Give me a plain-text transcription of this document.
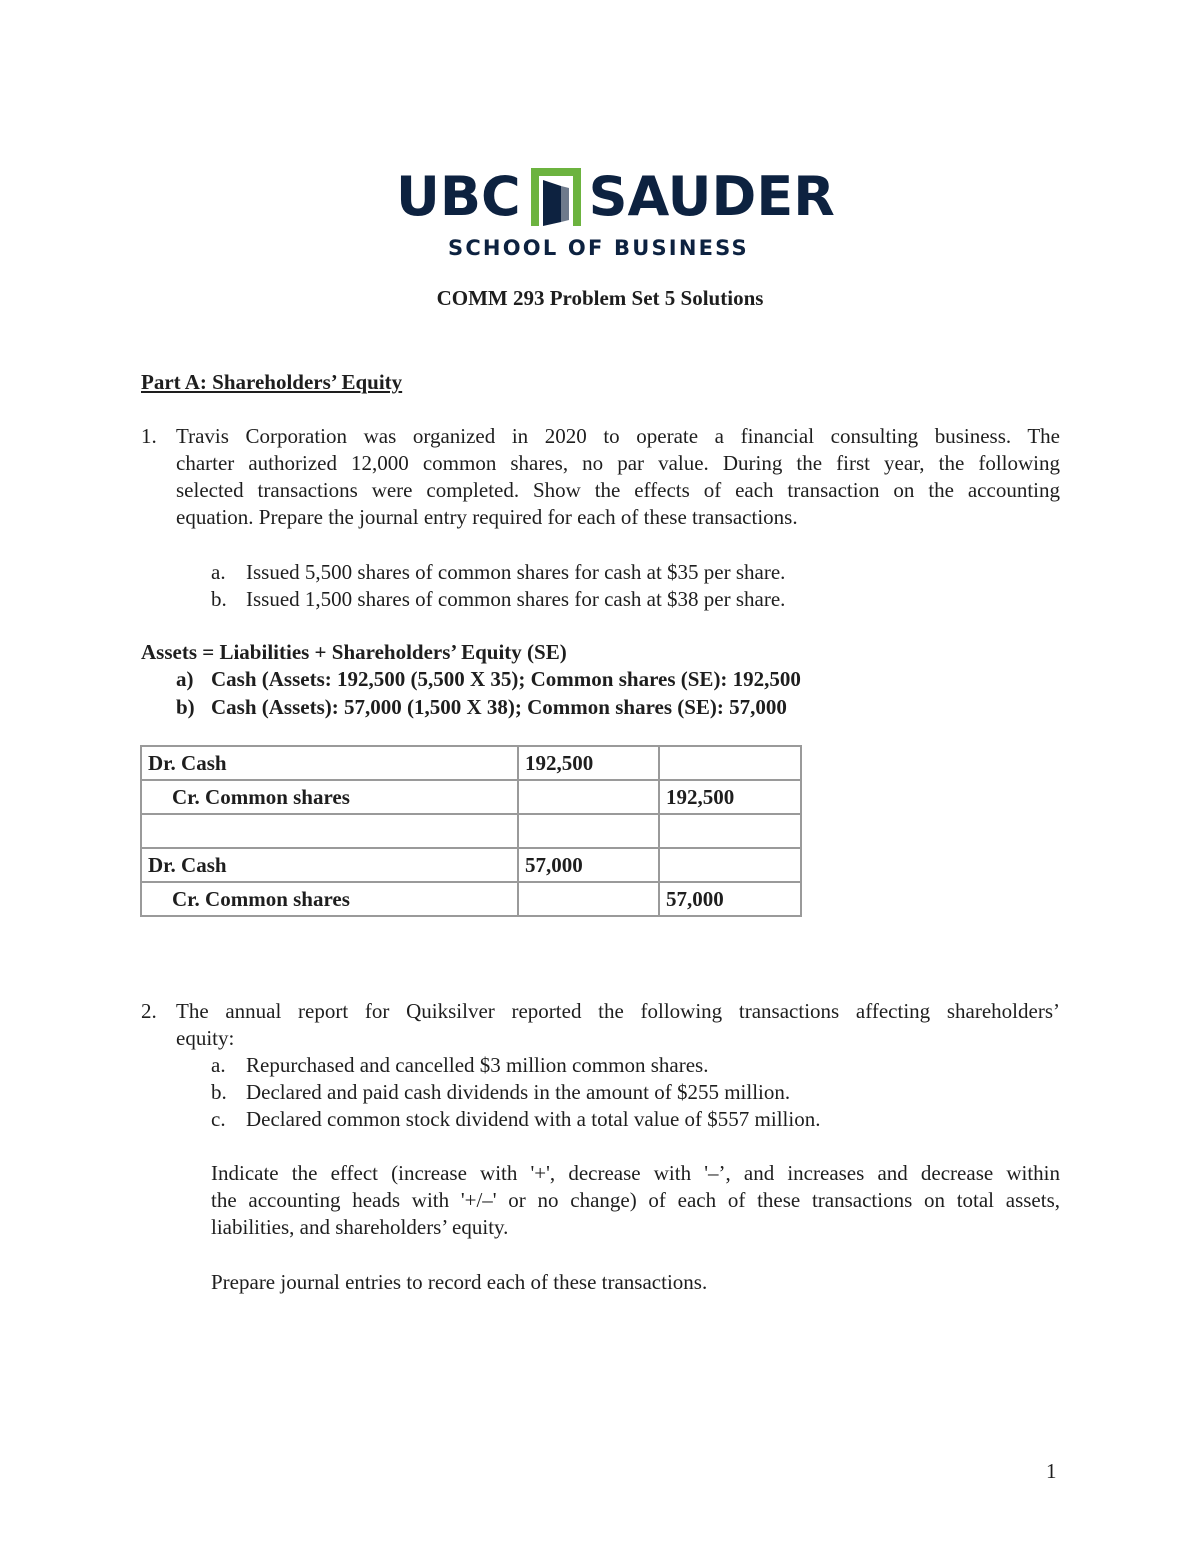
UBC SAUDER
SCHOOL OF BUSINESS
COMM 293 Problem Set 5 Solutions
Part A: Shareholders’ Equity
1. Travis Corporation was organized in 2020 to operate a financial consulting business. The
charter authorized 12,000 common shares, no par value. During the first year, the following
selected transactions were completed. Show the effects of each transaction on the accounting
equation. Prepare the journal entry required for each of these transactions.
a. Issued 5,500 shares of common shares for cash at $35 per share.
b. Issued 1,500 shares of common shares for cash at $38 per share.
Assets = Liabilities + Shareholders’ Equity (SE)
a) Cash (Assets: 192,500 (5,500 X 35); Common shares (SE): 192,500
b) Cash (Assets): 57,000 (1,500 X 38); Common shares (SE): 57,000
Dr. Cash	192,500	
Cr. Common shares		192,500

Dr. Cash	57,000	
Cr. Common shares		57,000
2. The annual report for Quiksilver reported the following transactions affecting shareholders’
equity:
a. Repurchased and cancelled $3 million common shares.
b. Declared and paid cash dividends in the amount of $255 million.
c. Declared common stock dividend with a total value of $557 million.
Indicate the effect (increase with '+', decrease with '–’, and increases and decrease within
the accounting heads with '+/–' or no change) of each of these transactions on total assets,
liabilities, and shareholders’ equity.
Prepare journal entries to record each of these transactions.
1
